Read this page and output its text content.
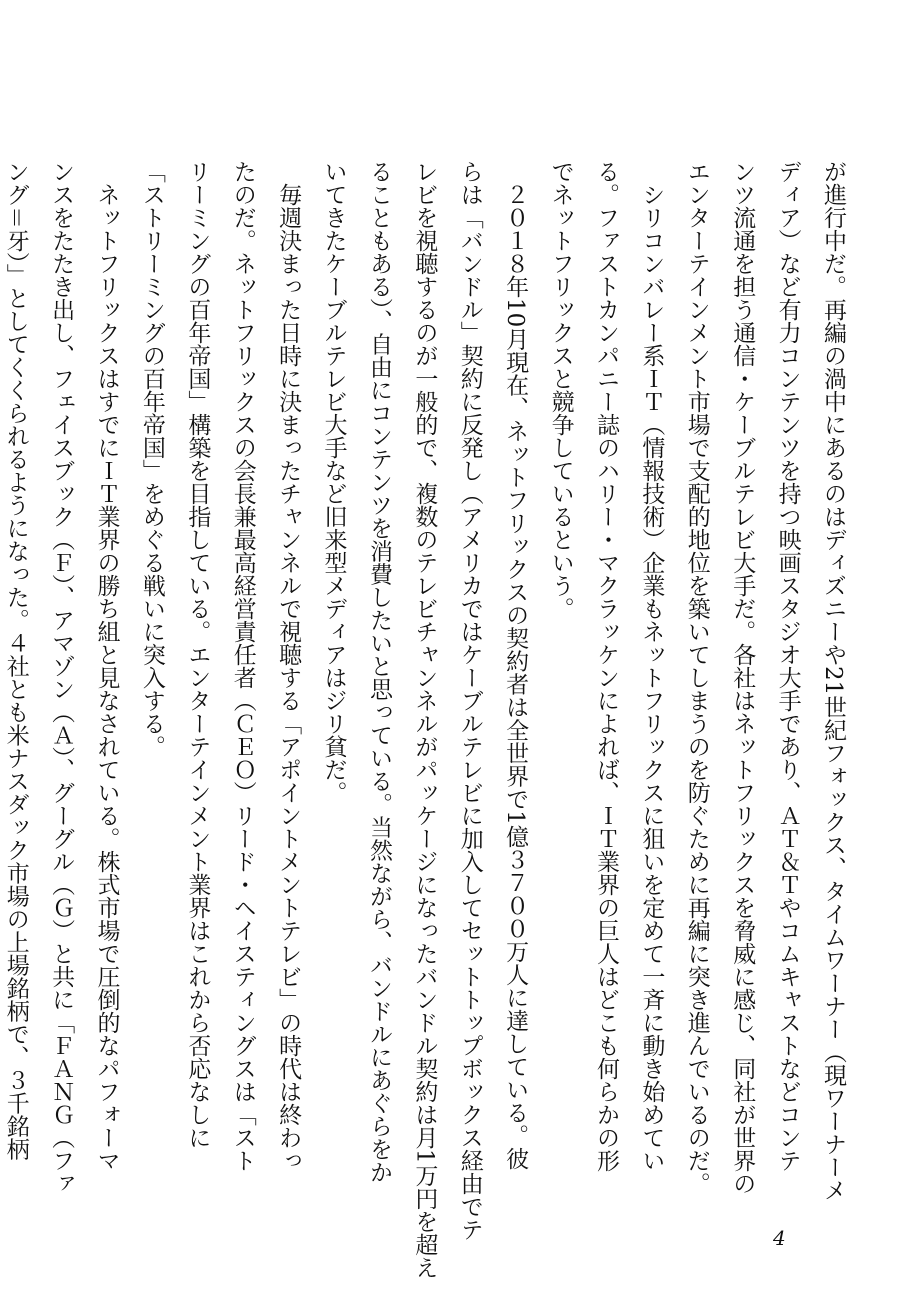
が進行中だ。再編の渦中にあるのはディズニーや21世紀フォックス、タイムワーナー（現ワーナーメ
ディア）など有力コンテンツを持つ映画スタジオ大手であり、ＡＴ＆Ｔやコムキャストなどコンテ
ンツ流通を担う通信・ケーブルテレビ大手だ。各社はネットフリックスを脅威に感じ、同社が世界の
エンターテインメント市場で支配的地位を築いてしまうのを防ぐために再編に突き進んでいるのだ。
　シリコンバレー系ＩＴ（情報技術）企業もネットフリックスに狙いを定めて一斉に動き始めてい
る。ファストカンパニー誌のハリー・マクラッケンによれば、ＩＴ業界の巨人はどこも何らかの形
でネットフリックスと競争しているという。
　２０１８年10月現在、ネットフリックスの契約者は全世界で1億３７００万人に達している。彼
らは「バンドル」契約に反発し（アメリカではケーブルテレビに加入してセットトップボックス経由でテ
レビを視聴するのが一般的で、複数のテレビチャンネルがパッケージになったバンドル契約は月1万円を超え
ることもある）、自由にコンテンツを消費したいと思っている。当然ながら、バンドルにあぐらをか
いてきたケーブルテレビ大手など旧来型メディアはジリ貧だ。
　毎週決まった日時に決まったチャンネルで視聴する「アポイントメントテレビ」の時代は終わっ
たのだ。ネットフリックスの会長兼最高経営責任者（ＣＥＯ）リード・ヘイスティングスは「スト
リーミングの百年帝国」構築を目指している。エンターテインメント業界はこれから否応なしに
「ストリーミングの百年帝国」をめぐる戦いに突入する。
　ネットフリックスはすでにＩＴ業界の勝ち組と見なされている。株式市場で圧倒的なパフォーマ
ンスをたたき出し、フェイスブック（Ｆ）、アマゾン（Ａ）、グーグル（Ｇ）と共に「ＦＡＮＧ（ファ
ング＝牙）」としてくくられるようになった。４社とも米ナスダック市場の上場銘柄で、３千銘柄
4
